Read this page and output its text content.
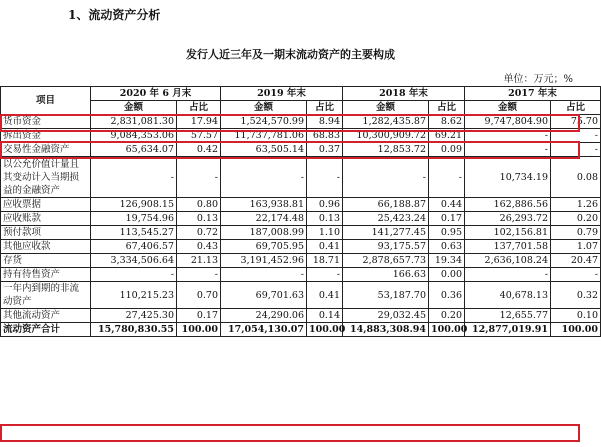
1、流动资产分析
发行人近三年及一期末流动资产的主要构成
单位：万元；%
项目	2020 年 6 月末		2019 年末		2018 年末		2017 年末	
	金额	占比	金额	占比	金额	占比	金额	占比
货币资金	2,831,081.30	17.94	1,524,570.99	8.94	1,282,435.87	8.62	9,747,804.90	75.70
拆出资金	9,084,353.06	57.57	11,737,781.06	68.83	10,300,909.72	69.21	-	-
交易性金融资产	65,634.07	0.42	63,505.14	0.37	12,853.72	0.09	-	-
以公允价值计量且其变动计入当期损益的金融资产	-	-	-	-	-	-	10,734.19	0.08
应收票据	126,908.15	0.80	163,938.81	0.96	66,188.87	0.44	162,886.56	1.26
应收账款	19,754.96	0.13	22,174.48	0.13	25,423.24	0.17	26,293.72	0.20
预付款项	113,545.27	0.72	187,008.99	1.10	141,277.45	0.95	102,156.81	0.79
其他应收款	67,406.57	0.43	69,705.95	0.41	93,175.57	0.63	137,701.58	1.07
存货	3,334,506.64	21.13	3,191,452.96	18.71	2,878,657.73	19.34	2,636,108.24	20.47
持有待售资产	-	-	-	-	166.63	0.00	-	-
一年内到期的非流动资产	110,215.23	0.70	69,701.63	0.41	53,187.70	0.36	40,678.13	0.32
其他流动资产	27,425.30	0.17	24,290.06	0.14	29,032.45	0.20	12,655.77	0.10
流动资产合计	15,780,830.55	100.00	17,054,130.07	100.00	14,883,308.94	100.00	12,877,019.91	100.00
